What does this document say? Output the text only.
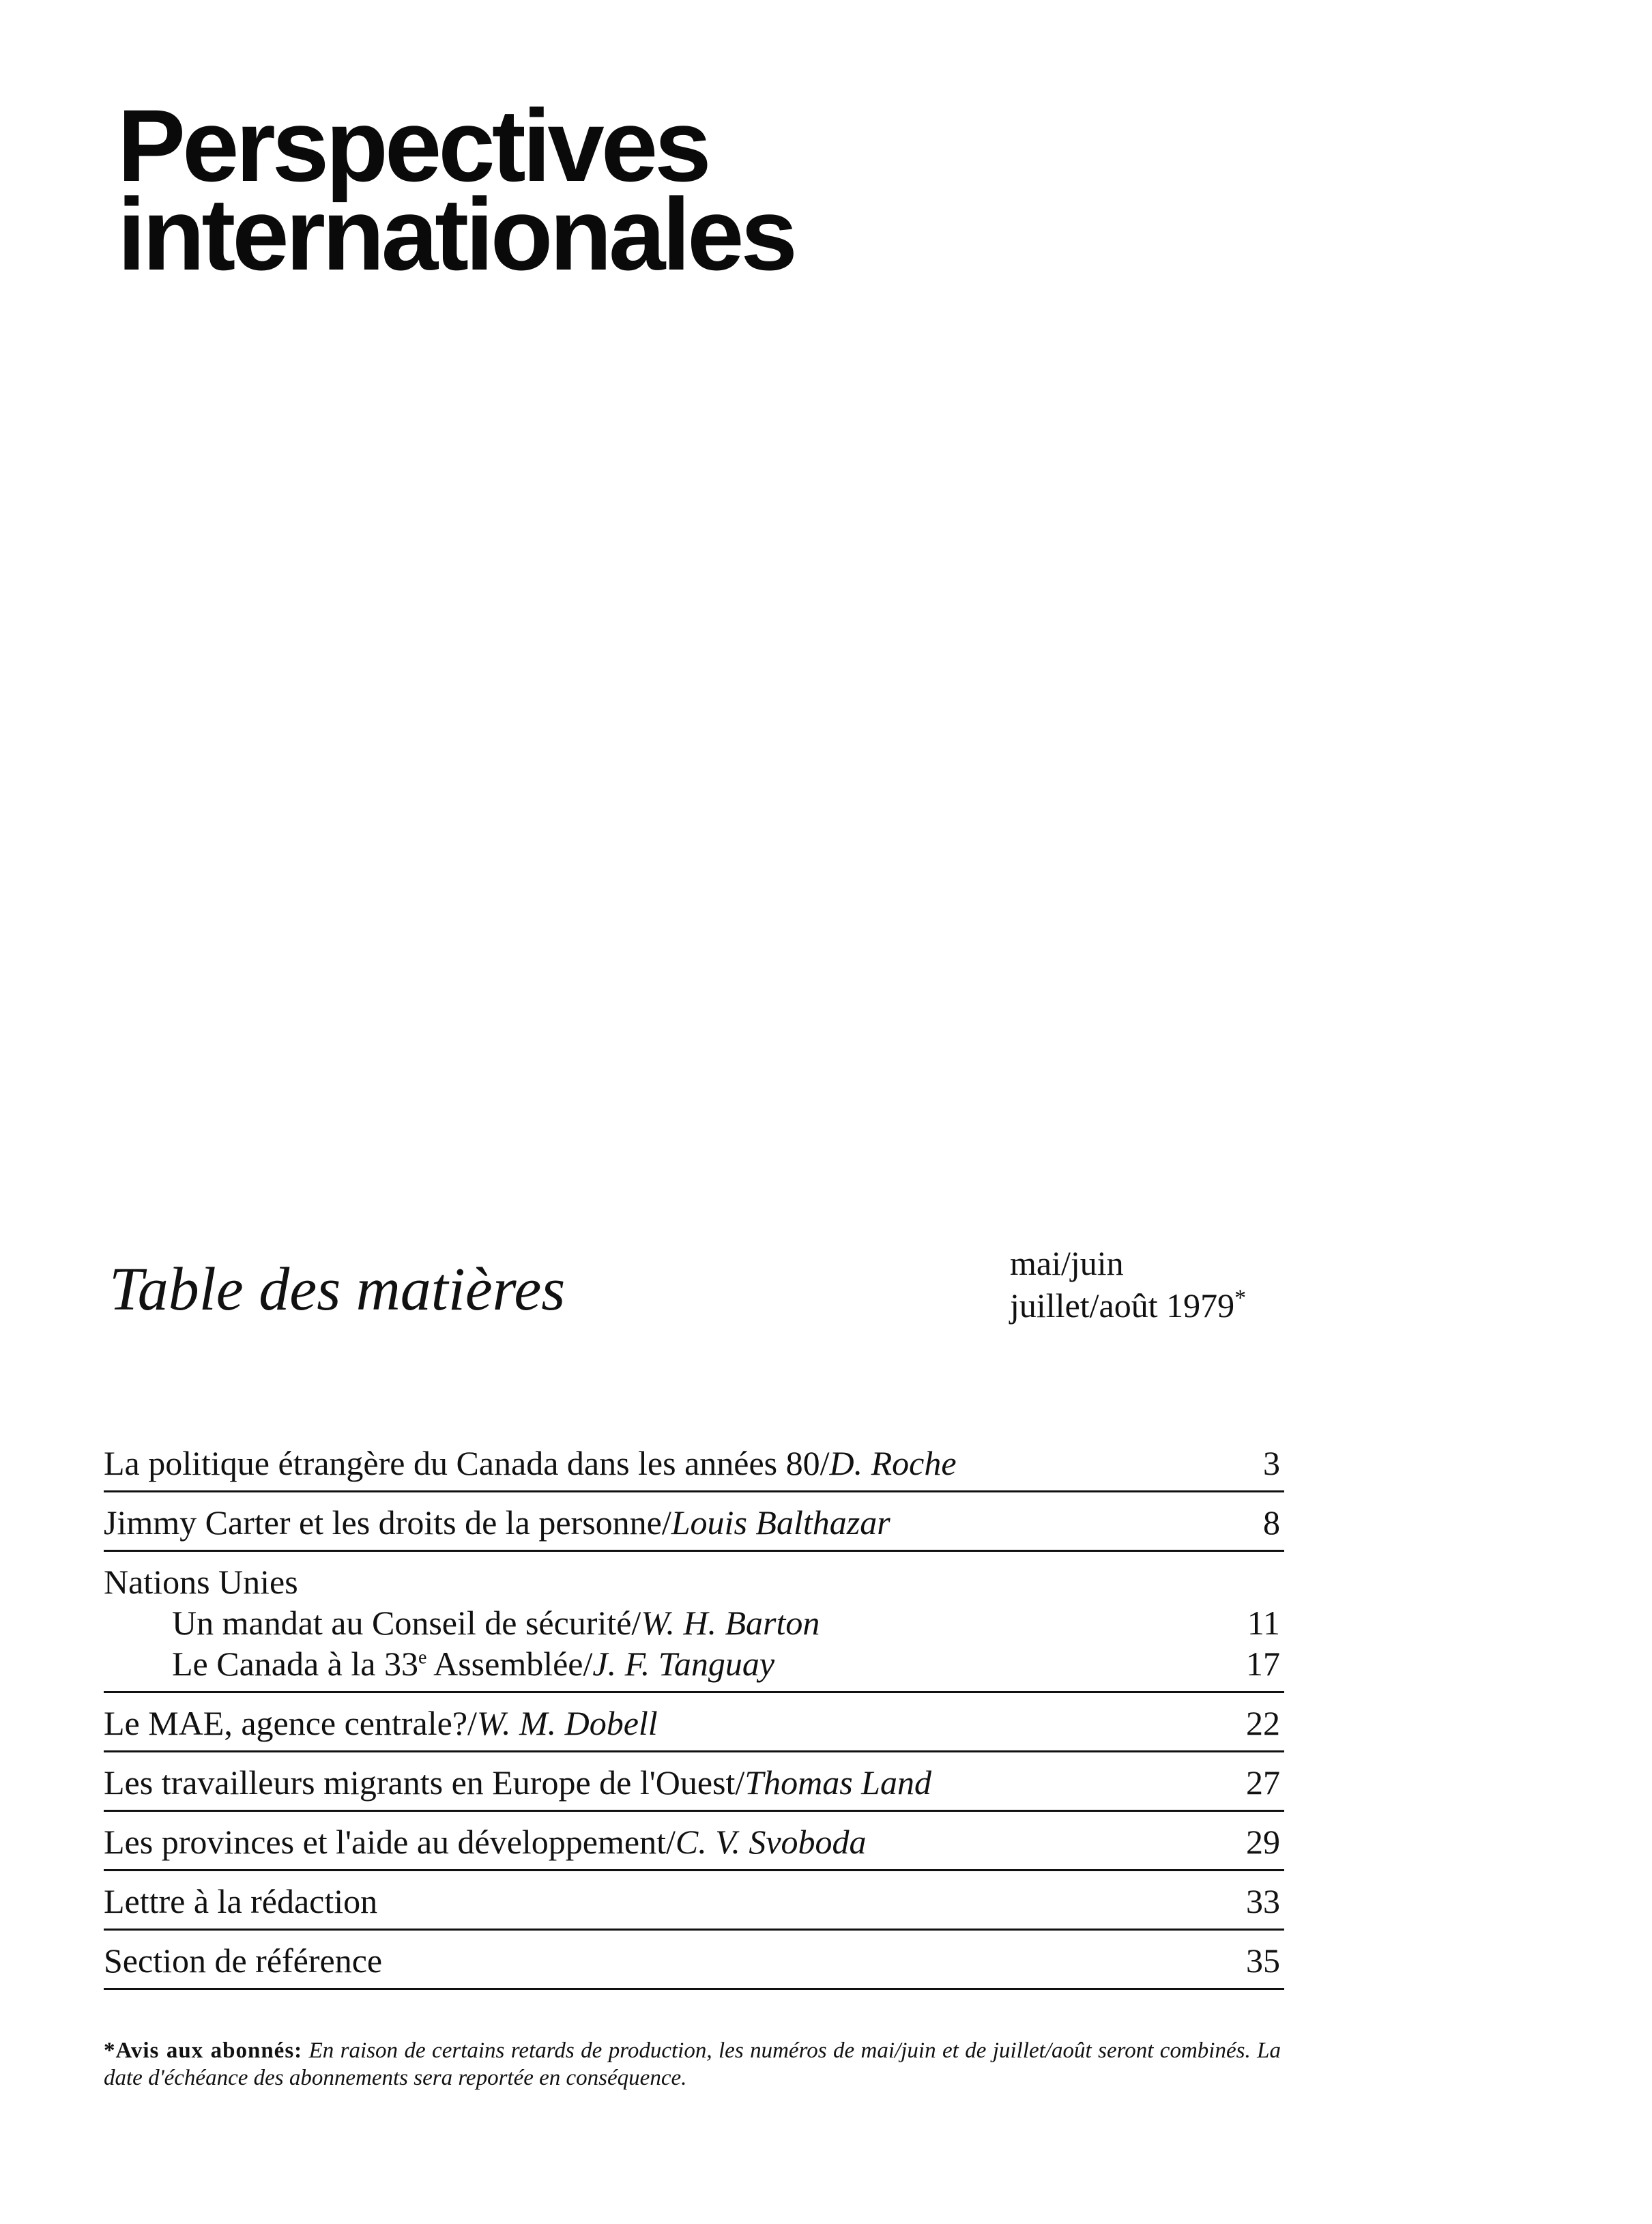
Perspectives
internationales
Table des matières	mai/juin
juillet/août 1979*
La politique étrangère du Canada dans les années 80/D. Roche	3
Jimmy Carter et les droits de la personne/Louis Balthazar	8
Nations Unies
Un mandat au Conseil de sécurité/W. H. Barton	11
Le Canada à la 33e Assemblée/J. F. Tanguay	17
Le MAE, agence centrale?/W. M. Dobell	22
Les travailleurs migrants en Europe de l'Ouest/Thomas Land	27
Les provinces et l'aide au développement/C. V. Svoboda	29
Lettre à la rédaction	33
Section de référence	35
*Avis aux abonnés: En raison de certains retards de production, les numéros de mai/juin et de juillet/août seront combinés. La date d'échéance des abonnements sera reportée en conséquence.
